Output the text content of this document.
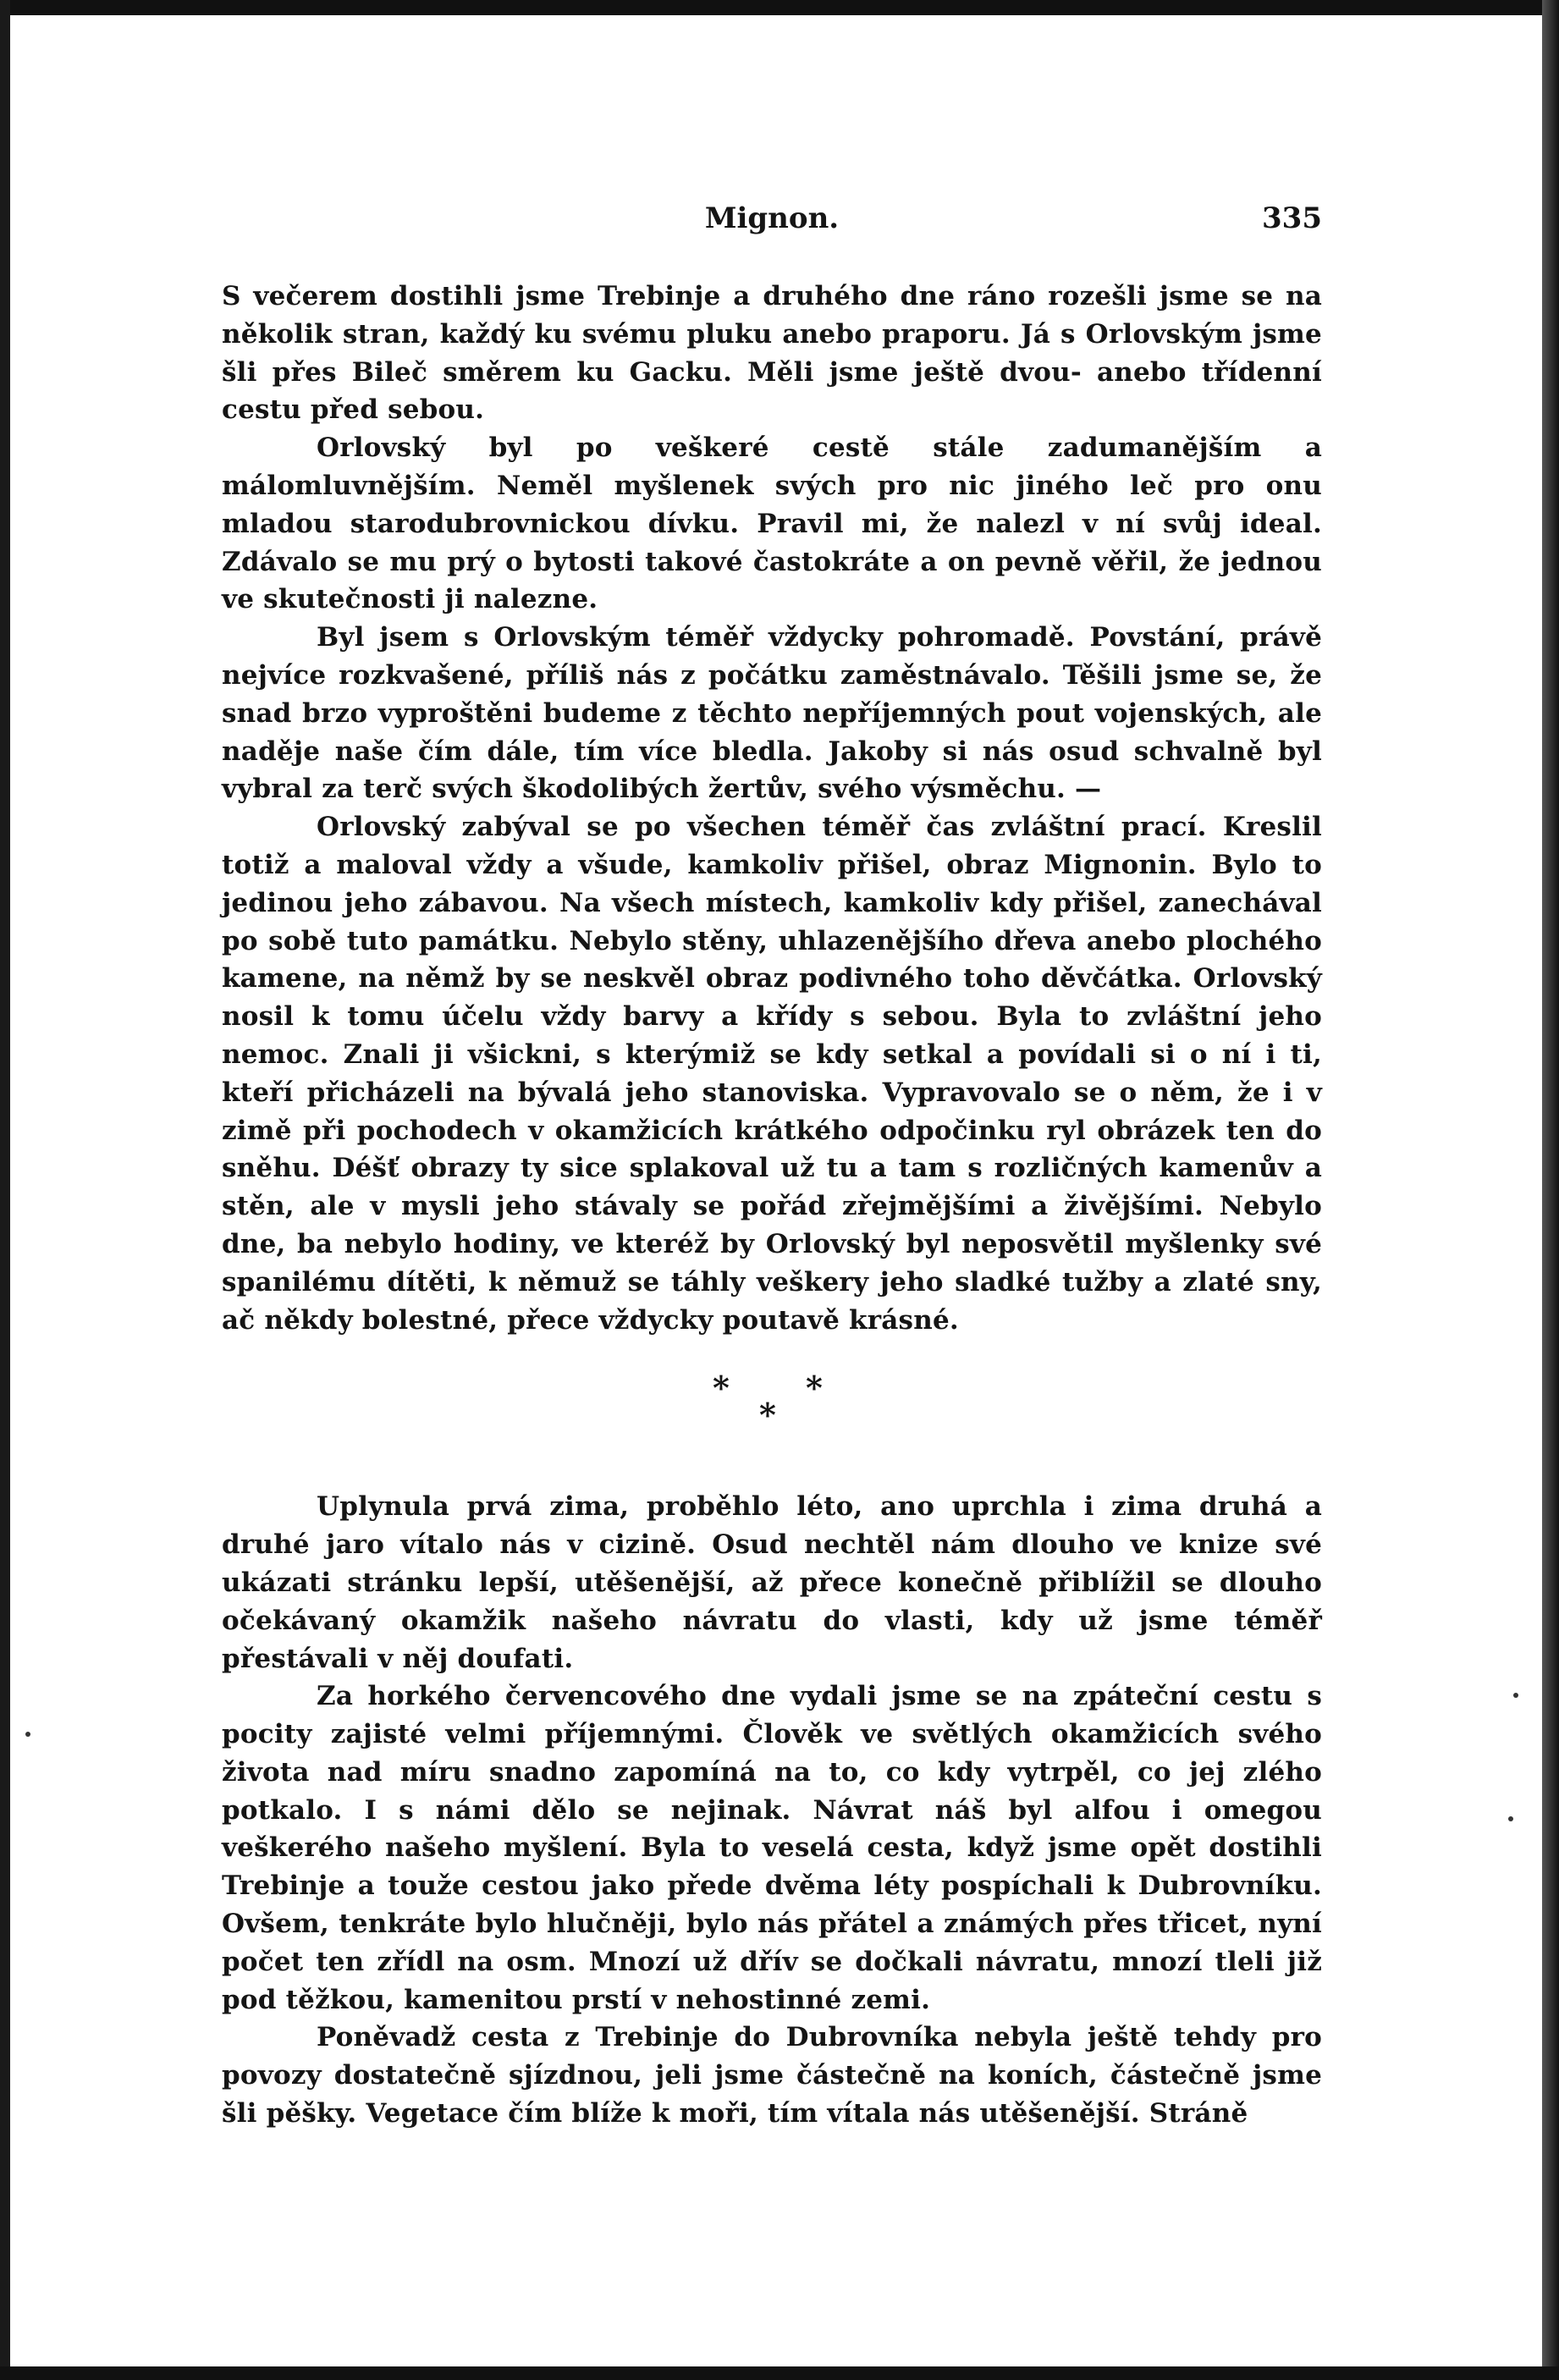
Mignon.	335

S večerem dostihli jsme Trebinje a druhého dne ráno rozešli jsme se na několik stran, každý ku svému pluku anebo praporu. Já s Orlovským jsme šli přes Bileč směrem ku Gacku. Měli jsme ještě dvou- anebo třídenní cestu před sebou.

Orlovský byl po veškeré cestě stále zadumanějším a málomluvnějším. Neměl myšlenek svých pro nic jiného leč pro onu mladou starodubrovnickou dívku. Pravil mi, že nalezl v ní svůj ideal. Zdávalo se mu prý o bytosti takové častokráte a on pevně věřil, že jednou ve skutečnosti ji nalezne.

Byl jsem s Orlovským téměř vždycky pohromadě. Povstání, právě nejvíce rozkvašené, příliš nás z počátku zaměstnávalo. Těšili jsme se, že snad brzo vyproštěni budeme z těchto nepříjemných pout vojenských, ale naděje naše čím dále, tím více bledla. Jakoby si nás osud schvalně byl vybral za terč svých škodolibých žertův, svého výsměchu. —

Orlovský zabýval se po všechen téměř čas zvláštní prací. Kreslil totiž a maloval vždy a všude, kamkoliv přišel, obraz Mignonin. Bylo to jedinou jeho zábavou. Na všech místech, kamkoliv kdy přišel, zanechával po sobě tuto památku. Nebylo stěny, uhlazenějšího dřeva anebo plochého kamene, na němž by se neskvěl obraz podivného toho děvčátka. Orlovský nosil k tomu účelu vždy barvy a křídy s sebou. Byla to zvláštní jeho nemoc. Znali ji všickni, s kterýmiž se kdy setkal a povídali si o ní i ti, kteří přicházeli na bývalá jeho stanoviska. Vypravovalo se o něm, že i v zimě při pochodech v okamžicích krátkého odpočinku ryl obrázek ten do sněhu. Déšť obrazy ty sice splakoval už tu a tam s rozličných kamenův a stěn, ale v mysli jeho stávaly se pořád zřejmějšími a živějšími. Nebylo dne, ba nebylo hodiny, ve kteréž by Orlovský byl neposvětil myšlenky své spanilému dítěti, k němuž se táhly veškery jeho sladké tužby a zlaté sny, ač někdy bolestné, přece vždycky poutavě krásné.

* *
*

Uplynula prvá zima, proběhlo léto, ano uprchla i zima druhá a druhé jaro vítalo nás v cizině. Osud nechtěl nám dlouho ve knize své ukázati stránku lepší, utěšenější, až přece konečně přiblížil se dlouho očekávaný okamžik našeho návratu do vlasti, kdy už jsme téměř přestávali v něj doufati.

Za horkého červencového dne vydali jsme se na zpáteční cestu s pocity zajisté velmi příjemnými. Člověk ve světlých okamžicích svého života nad míru snadno zapomíná na to, co kdy vytrpěl, co jej zlého potkalo. I s námi dělo se nejinak. Návrat náš byl alfou i omegou veškerého našeho myšlení. Byla to veselá cesta, když jsme opět dostihli Trebinje a touže cestou jako přede dvěma léty pospíchali k Dubrovníku. Ovšem, tenkráte bylo hlučněji, bylo nás přátel a známých přes třicet, nyní počet ten zřídl na osm. Mnozí už dřív se dočkali návratu, mnozí tleli již pod těžkou, kamenitou prstí v nehostinné zemi.

Poněvadž cesta z Trebinje do Dubrovníka nebyla ještě tehdy pro povozy dostatečně sjízdnou, jeli jsme částečně na koních, částečně jsme šli pěšky. Vegetace čím blíže k moři, tím vítala nás utěšenější. Stráně
